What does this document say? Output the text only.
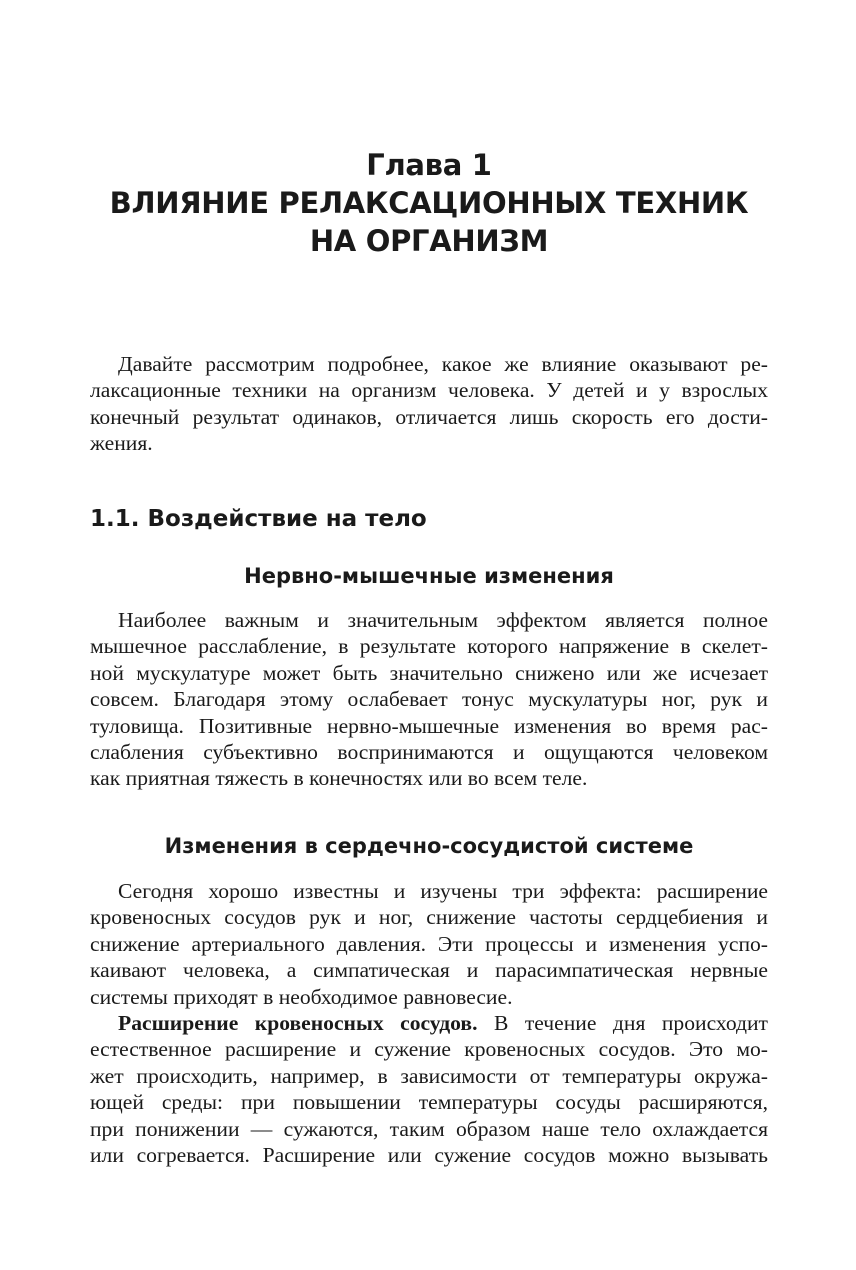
Глава 1
ВЛИЯНИЕ РЕЛАКСАЦИОННЫХ ТЕХНИК
НА ОРГАНИЗМ
Давайте рассмотрим подробнее, какое же влияние оказывают ре-
лаксационные техники на организм человека. У детей и у взрослых
конечный результат одинаков, отличается лишь скорость его дости-
жения.
1.1. Воздействие на тело
Нервно-мышечные изменения
Наиболее важным и значительным эффектом является полное
мышечное расслабление, в результате которого напряжение в скелет-
ной мускулатуре может быть значительно снижено или же исчезает
совсем. Благодаря этому ослабевает тонус мускулатуры ног, рук и
туловища. Позитивные нервно-мышечные изменения во время рас-
слабления субъективно воспринимаются и ощущаются человеком
как приятная тяжесть в конечностях или во всем теле.
Изменения в сердечно-сосудистой системе
Сегодня хорошо известны и изучены три эффекта: расширение
кровеносных сосудов рук и ног, снижение частоты сердцебиения и
снижение артериального давления. Эти процессы и изменения успо-
каивают человека, а симпатическая и парасимпатическая нервные
системы приходят в необходимое равновесие.
Расширение кровеносных сосудов. В течение дня происходит
естественное расширение и сужение кровеносных сосудов. Это мо-
жет происходить, например, в зависимости от температуры окружа-
ющей среды: при повышении температуры сосуды расширяются,
при понижении — сужаются, таким образом наше тело охлаждается
или согревается. Расширение или сужение сосудов можно вызывать
